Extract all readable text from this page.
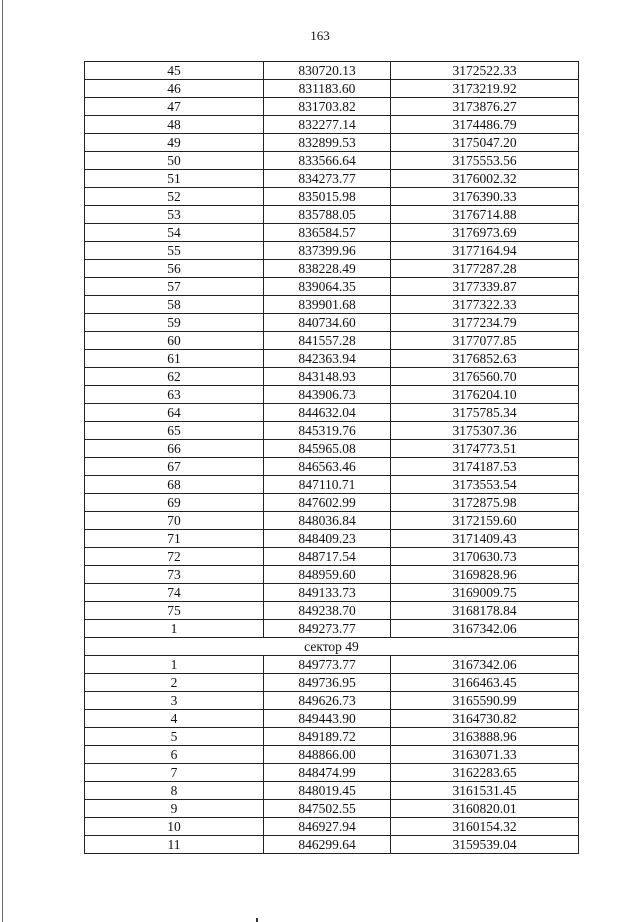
163
45	830720.13	3172522.33
46	831183.60	3173219.92
47	831703.82	3173876.27
48	832277.14	3174486.79
49	832899.53	3175047.20
50	833566.64	3175553.56
51	834273.77	3176002.32
52	835015.98	3176390.33
53	835788.05	3176714.88
54	836584.57	3176973.69
55	837399.96	3177164.94
56	838228.49	3177287.28
57	839064.35	3177339.87
58	839901.68	3177322.33
59	840734.60	3177234.79
60	841557.28	3177077.85
61	842363.94	3176852.63
62	843148.93	3176560.70
63	843906.73	3176204.10
64	844632.04	3175785.34
65	845319.76	3175307.36
66	845965.08	3174773.51
67	846563.46	3174187.53
68	847110.71	3173553.54
69	847602.99	3172875.98
70	848036.84	3172159.60
71	848409.23	3171409.43
72	848717.54	3170630.73
73	848959.60	3169828.96
74	849133.73	3169009.75
75	849238.70	3168178.84
1	849273.77	3167342.06
сектор 49		
1	849773.77	3167342.06
2	849736.95	3166463.45
3	849626.73	3165590.99
4	849443.90	3164730.82
5	849189.72	3163888.96
6	848866.00	3163071.33
7	848474.99	3162283.65
8	848019.45	3161531.45
9	847502.55	3160820.01
10	846927.94	3160154.32
11	846299.64	3159539.04
